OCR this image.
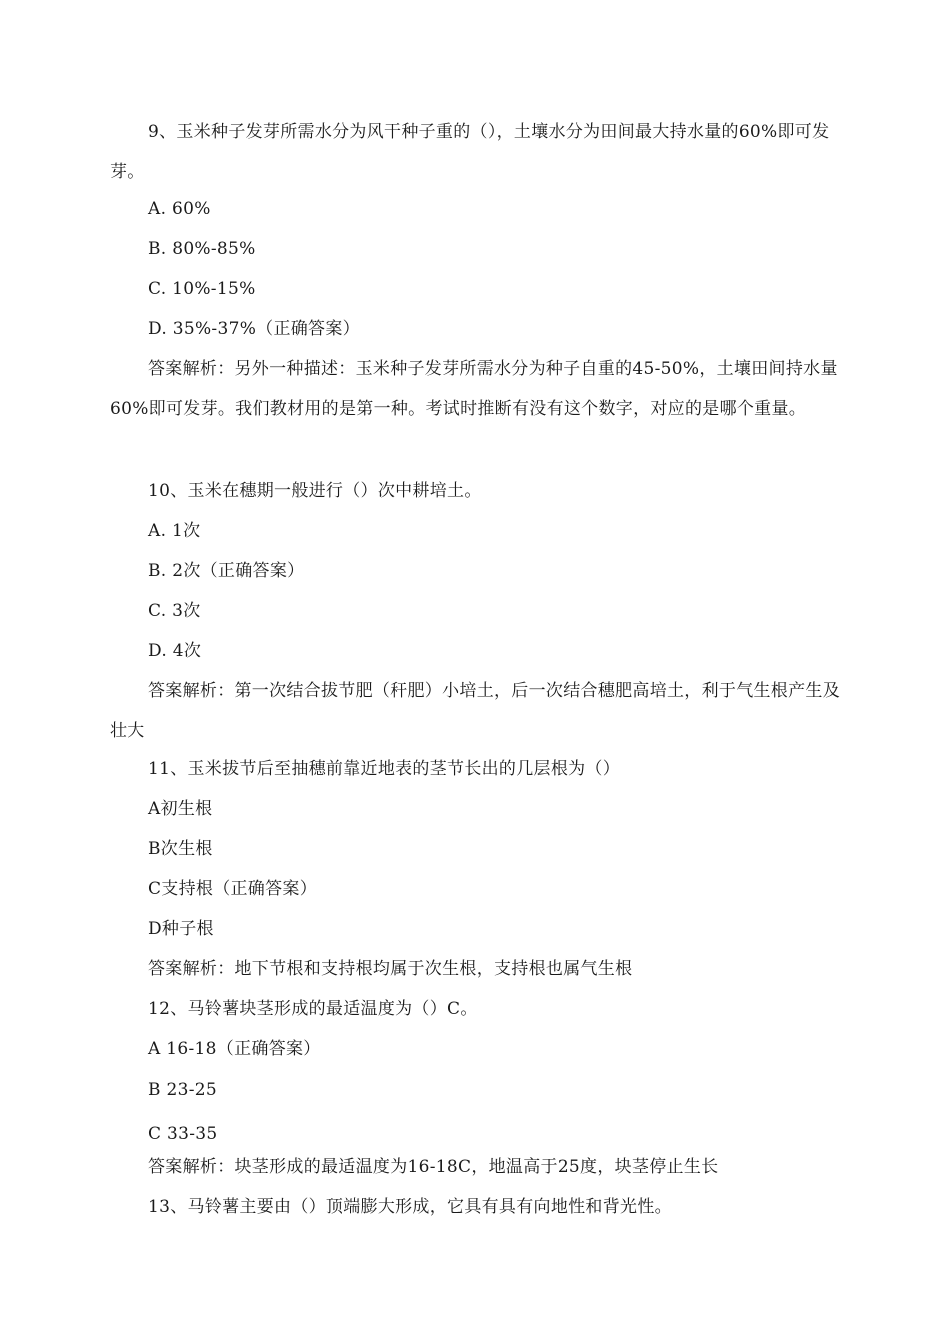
9、玉米种子发芽所需水分为风干种子重的（），土壤水分为田间最大持水量的60%即可发芽。
A. 60%
B. 80%-85%
C. 10%-15%
D. 35%-37%（正确答案）
答案解析：另外一种描述：玉米种子发芽所需水分为种子自重的45-50%，土壤田间持水量60%即可发芽。我们教材用的是第一种。考试时推断有没有这个数字，对应的是哪个重量。
10、玉米在穗期一般进行（）次中耕培土。
A. 1次
B. 2次（正确答案）
C. 3次
D. 4次
答案解析：第一次结合拔节肥（秆肥）小培土，后一次结合穗肥高培土，利于气生根产生及壮大
11、玉米拔节后至抽穗前靠近地表的茎节长出的几层根为（）
A初生根
B次生根
C支持根（正确答案）
D种子根
答案解析：地下节根和支持根均属于次生根，支持根也属气生根
12、马铃薯块茎形成的最适温度为（）C。
A 16-18（正确答案）
B 23-25
C 33-35
答案解析：块茎形成的最适温度为16-18C，地温高于25度，块茎停止生长
13、马铃薯主要由（）顶端膨大形成，它具有具有向地性和背光性。
